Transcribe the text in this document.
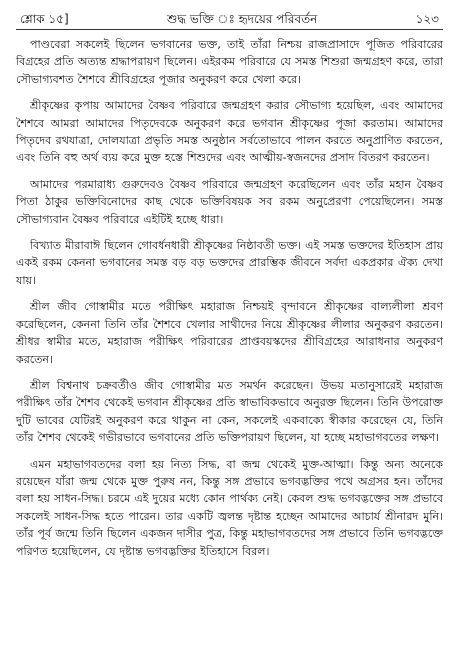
শ্লোক ১৫]	শুদ্ধ ভক্তি ঃ হৃদয়ের পরিবর্তন	১২৩

পাণ্ডবেরা সকলেই ছিলেন ভগবানের ভক্ত, তাই তাঁরা নিশ্চয় রাজপ্রাসাদে পূজিত পরিবারের বিগ্রহের প্রতি অত্যন্ত শ্রদ্ধাপরায়ণ ছিলেন। এইরকম পরিবারে যে সমস্ত শিশুরা জন্মগ্রহণ করে, তারা সৌভাগ্যবশত শৈশবে শ্রীবিগ্রহের পূজার অনুকরণ করে খেলা করে।

শ্রীকৃষ্ণের কৃপায় আমাদের বৈষ্ণব পরিবারে জন্মগ্রহণ করার সৌভাগ্য হয়েছিল, এবং আমাদের শৈশবে আমরা আমাদের পিতৃদেবকে অনুকরণ করে ভগবান শ্রীকৃষ্ণের পূজা করতাম। আমাদের পিতৃদেব রথযাত্রা, দোলযাত্রা প্রভৃতি সমস্ত অনুষ্ঠান সর্বতোভাবে পালন করতে অনুপ্রাণিত করতেন, এবং তিনি বহু অর্থ ব্যয় করে মুক্ত হস্তে শিশুদের এবং আত্মীয়-স্বজনদের প্রসাদ বিতরণ করতেন।

আমাদের পরমারাধ্য গুরুদেবও বৈষ্ণব পরিবারে জন্মগ্রহণ করেছিলেন এবং তাঁর মহান বৈষ্ণব পিতা ঠাকুর ভক্তিবিনোদের কাছ থেকে ভক্তিবিষয়ক সব রকম অনুপ্রেরণা পেয়েছিলেন। সমস্ত সৌভাগ্যবান বৈষ্ণব পরিবারে এইটিই হচ্ছে ধারা।

বিখ্যাত মীরাবাঈ ছিলেন গোবর্ধনধারী শ্রীকৃষ্ণের নিষ্ঠাবতী ভক্ত। এই সমস্ত ভক্তদের ইতিহাস প্রায় একই রকম কেননা ভগবানের সমস্ত বড় বড় ভক্তদের প্রারম্ভিক জীবনে সর্বদা একপ্রকার ঐক্য দেখা যায়।

শ্রীল জীব গোস্বামীর মতে পরীক্ষিৎ মহারাজ নিশ্চয়ই বৃন্দাবনে শ্রীকৃষ্ণের বাল্যলীলা শ্রবণ করেছিলেন, কেননা তিনি তাঁর শৈশবে খেলার সাথীদের নিয়ে শ্রীকৃষ্ণের লীলার অনুকরণ করতেন। শ্রীধর স্বামীর মতে, মহারাজ পরীক্ষিৎ পরিবারের প্রাপ্তবয়স্কদের শ্রীবিগ্রহের আরাধনার অনুকরণ করতেন।

শ্রীল বিশ্বনাথ চক্রবর্তীও জীব গোস্বামীর মত সমর্থন করেছেন। উভয় মতানুসারেই মহারাজ পরীক্ষিৎ তাঁর শৈশব থেকেই ভগবান শ্রীকৃষ্ণের প্রতি স্বাভাবিকভাবে অনুরক্ত ছিলেন। তিনি উপরোক্ত দুটি ভাবের যেটিরই অনুকরণ করে থাকুন না কেন, সকলেই একবাক্যে স্বীকার করেছেন যে, তিনি তাঁর শৈশব থেকেই গভীরভাবে ভগবানের প্রতি ভক্তিপরায়ণ ছিলেন, যা হচ্ছে মহাভাগবতের লক্ষণ।

এমন মহাভাগবতদের বলা হয় নিত্য সিদ্ধ, বা জন্ম থেকেই মুক্ত-আত্মা। কিন্তু অন্য অনেকে রয়েছেন যাঁরা জন্ম থেকে মুক্ত পুরুষ নন, কিন্তু সঙ্গ প্রভাবে ভগবদ্ভক্তির পথে অগ্রসর হন। তাঁদের বলা হয় সাধন-সিদ্ধ। চরমে এই দুয়ের মধ্যে কোন পার্থক্য নেই। কেবল শুদ্ধ ভগবদ্ভক্তের সঙ্গ প্রভাবে সকলেই সাধন-সিদ্ধ হতে পারেন। তার একটি জ্বলন্ত দৃষ্টান্ত হচ্ছেন আমাদের আচার্য শ্রীনারদ মুনি। তাঁর পূর্ব জন্মে তিনি ছিলেন একজন দাসীর পুত্র, কিন্তু মহাভাগবতদের সঙ্গ প্রভাবে তিনি ভগবদ্ভক্তে পরিণত হয়েছিলেন, যে দৃষ্টান্ত ভগবদ্ভক্তির ইতিহাসে বিরল।
